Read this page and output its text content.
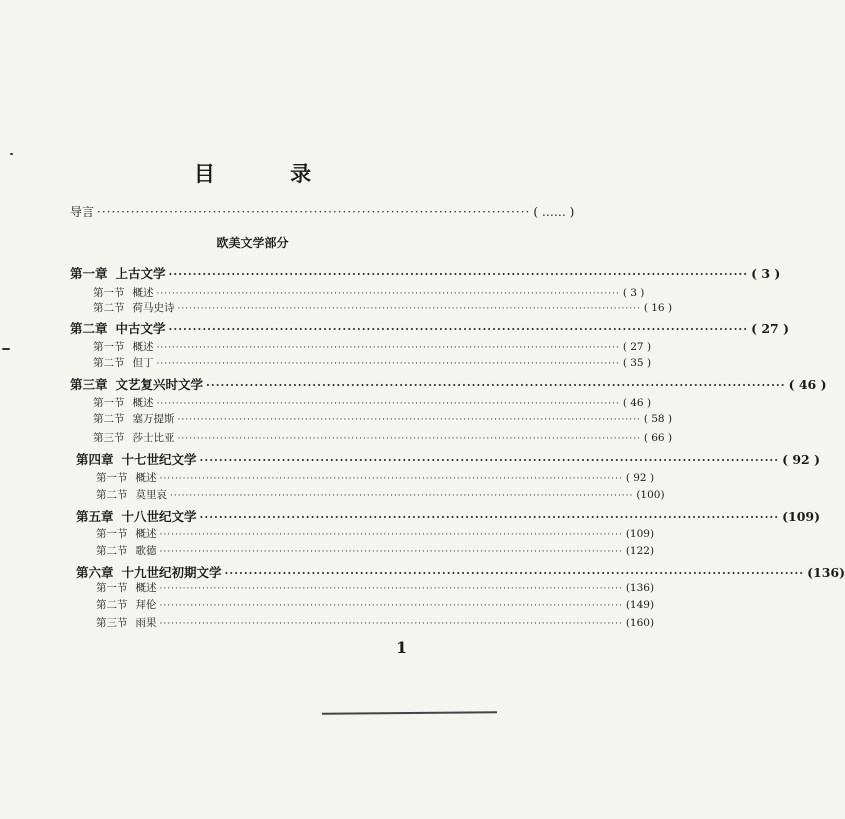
目 录
导言 ·························································································· ( …… )
欧美文学部分
第一章 上古文学 ························································································································ ( 3 )
第一节 概述 ························································································································ ( 3 )
第二节 荷马史诗 ························································································································ ( 16 )
第二章 中古文学 ························································································································ ( 27 )
第一节 概述 ························································································································ ( 27 )
第二节 但丁 ························································································································ ( 35 )
第三章 文艺复兴时文学 ························································································································ ( 46 )
第一节 概述 ························································································································ ( 46 )
第二节 塞万提斯 ························································································································ ( 58 )
第三节 莎士比亚 ························································································································ ( 66 )
第四章 十七世纪文学 ························································································································ ( 92 )
第一节 概述 ························································································································ ( 92 )
第二节 莫里哀 ························································································································ (100)
第五章 十八世纪文学 ························································································································ (109)
第一节 概述 ························································································································ (109)
第二节 歌德 ························································································································ (122)
第六章 十九世纪初期文学 ························································································································ (136)
第一节 概述 ························································································································ (136)
第二节 拜伦 ························································································································ (149)
第三节 雨果 ························································································································ (160)
1
